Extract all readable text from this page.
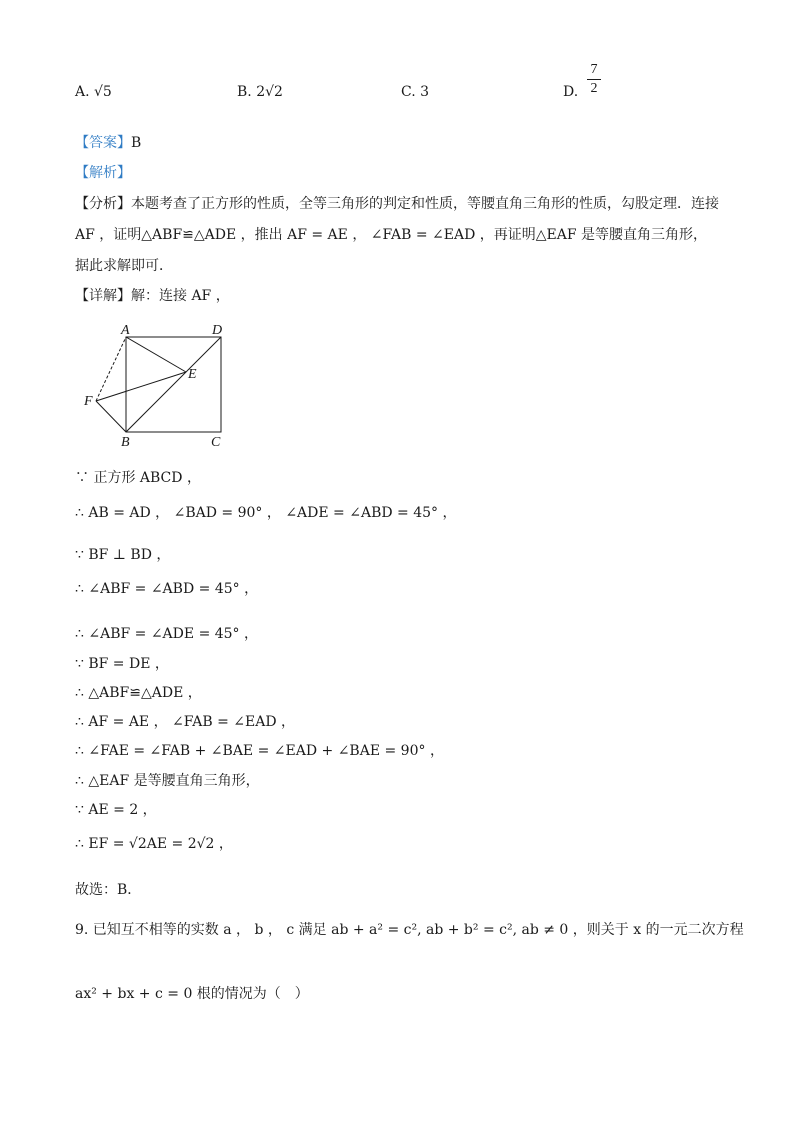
A. √5	B. 2√2	C. 3	D.
7
2
【答案】B
【解析】
【分析】本题考查了正方形的性质，全等三角形的判定和性质，等腰直角三角形的性质，勾股定理．连接
AF ，证明△ABF≌△ADE ，推出 AF = AE ， ∠FAB = ∠EAD ，再证明△EAF 是等腰直角三角形，
据此求解即可．
【详解】解：连接 AF ，
A	D
E
F
B	C
∵ 正方形 ABCD ，
∴ AB = AD ， ∠BAD = 90° ， ∠ADE = ∠ABD = 45° ，
∵ BF ⊥ BD ，
∴ ∠ABF = ∠ABD = 45° ，
∴ ∠ABF = ∠ADE = 45° ，
∵ BF = DE ，
∴ △ABF≌△ADE ，
∴ AF = AE ， ∠FAB = ∠EAD ，
∴ ∠FAE = ∠FAB + ∠BAE = ∠EAD + ∠BAE = 90° ，
∴ △EAF 是等腰直角三角形，
∵ AE = 2 ，
∴ EF = √2AE = 2√2 ，
故选：B．
9. 已知互不相等的实数 a ， b ， c 满足 ab + a² = c², ab + b² = c², ab ≠ 0 ，则关于 x 的一元二次方程
ax² + bx + c = 0 根的情况为（　）
